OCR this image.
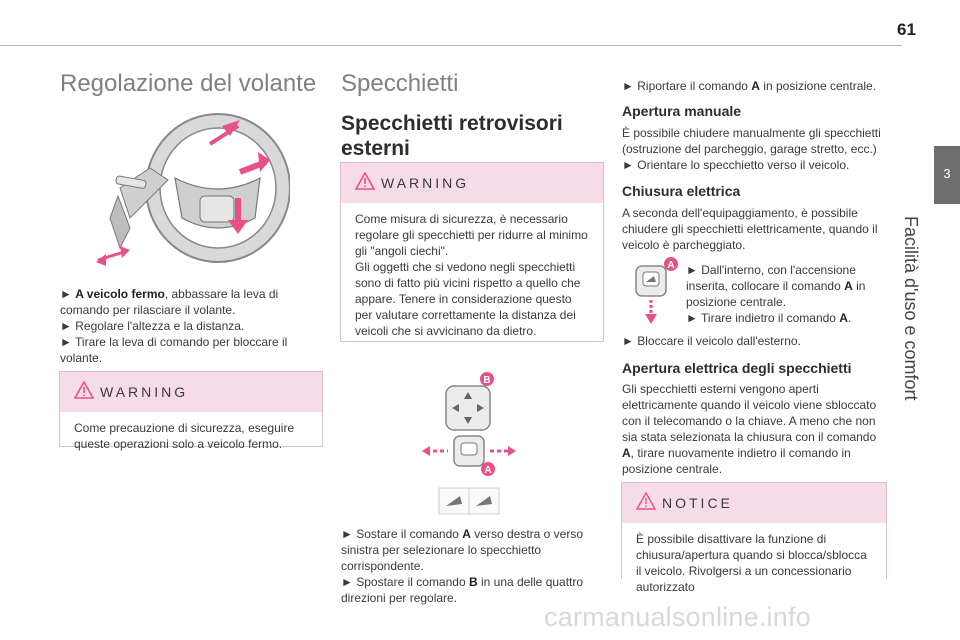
61
3
Facilità d'uso e comfort
Regolazione del volante
► A veicolo fermo, abbassare la leva di comando per rilasciare il volante.
► Regolare l'altezza e la distanza.
► Tirare la leva di comando per bloccare il volante.
WARNING
Come precauzione di sicurezza, eseguire queste operazioni solo a veicolo fermo.
Specchietti
Specchietti retrovisori esterni
WARNING
Come misura di sicurezza, è necessario regolare gli specchietti per ridurre al minimo gli "angoli ciechi".
Gli oggetti che si vedono negli specchietti sono di fatto più vicini rispetto a quello che appare. Tenere in considerazione questo per valutare correttamente la distanza dei veicoli che si avvicinano da dietro.
B
A
► Sostare il comando A verso destra o verso sinistra per selezionare lo specchietto corrispondente.
► Spostare il comando B in una delle quattro direzioni per regolare.
► Riportare il comando A in posizione centrale.
Apertura manuale
È possibile chiudere manualmente gli specchietti (ostruzione del parcheggio, garage stretto, ecc.)
► Orientare lo specchietto verso il veicolo.
Chiusura elettrica
A seconda dell'equipaggiamento, è possibile chiudere gli specchietti elettricamente, quando il veicolo è parcheggiato.
A ► Dall'interno, con l'accensione inserita, collocare il comando A in posizione centrale.
► Tirare indietro il comando A.
► Bloccare il veicolo dall'esterno.
Apertura elettrica degli specchietti
Gli specchietti esterni vengono aperti elettricamente quando il veicolo viene sbloccato con il telecomando o la chiave. A meno che non sia stata selezionata la chiusura con il comando A, tirare nuovamente indietro il comando in posizione centrale.
NOTICE
È possibile disattivare la funzione di chiusura/apertura quando si blocca/sblocca il veicolo. Rivolgersi a un concessionario autorizzato
carmanualsonline.info
